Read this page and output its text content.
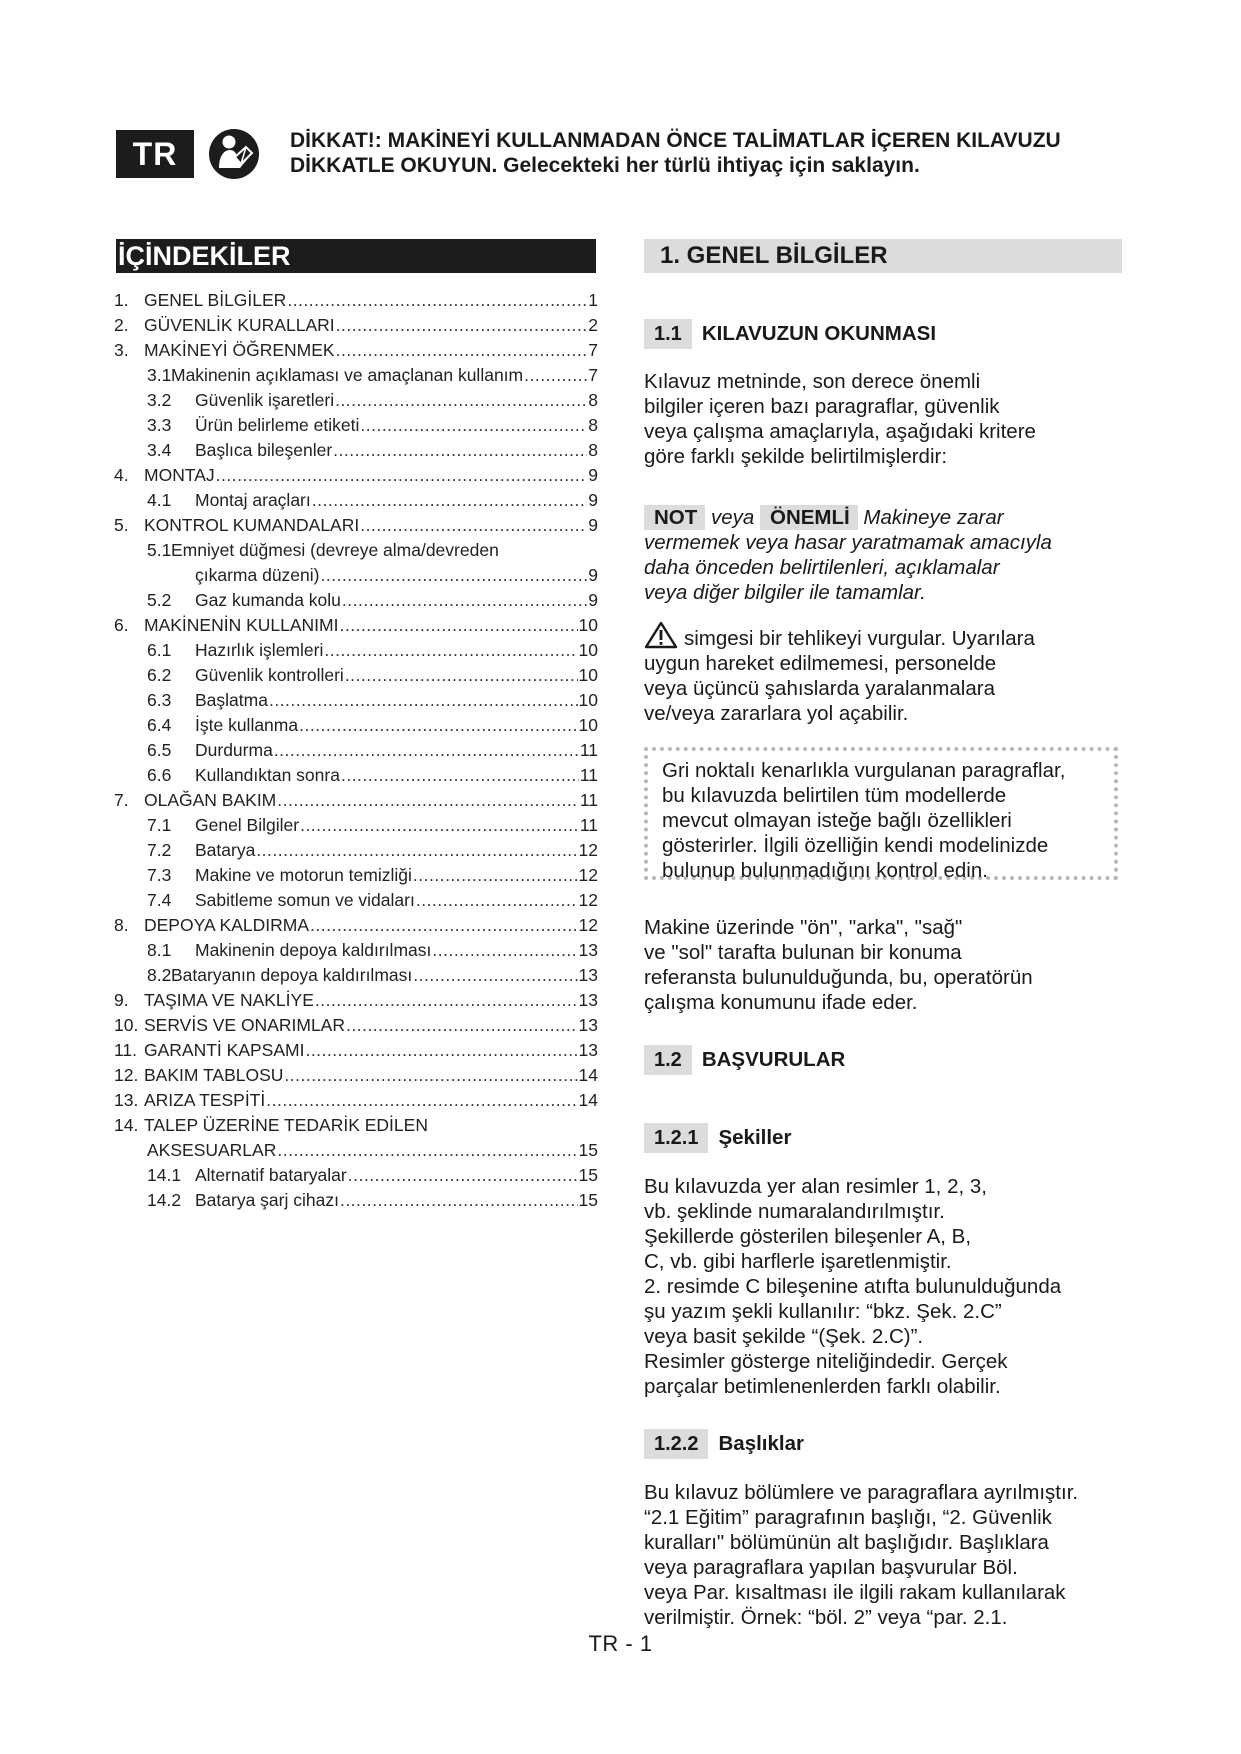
TR	DİKKAT!: MAKİNEYİ KULLANMADAN ÖNCE TALİMATLAR İÇEREN KILAVUZU
DİKKATLE OKUYUN. Gelecekteki her türlü ihtiyaç için saklayın.
İÇİNDEKİLER
1. GENEL BİLGİLER .....	1
2. GÜVENLİK KURALLARI .....	2
3. MAKİNEYİ ÖĞRENMEK .....	7
3.1 Makinenin açıklaması ve amaçlanan kullanım .....	7
3.2	Güvenlik işaretleri .....	8
3.3	Ürün belirleme etiketi .....	8
3.4	Başlıca bileşenler .....	8
4. MONTAJ .....	9
4.1	Montaj araçları .....	9
5. KONTROL KUMANDALARI .....	9
5.1 Emniyet düğmesi (devreye alma/devreden
çıkarma düzeni) .....	9
5.2	Gaz kumanda kolu .....	9
6. MAKİNENİN KULLANIMI .....	10
6.1	Hazırlık işlemleri .....	10
6.2	Güvenlik kontrolleri .....	10
6.3	Başlatma .....	10
6.4	İşte kullanma .....	10
6.5	Durdurma .....	11
6.6	Kullandıktan sonra .....	11
7. OLAĞAN BAKIM .....	11
7.1	Genel Bilgiler .....	11
7.2	Batarya .....	12
7.3	Makine ve motorun temizliği .....	12
7.4	Sabitleme somun ve vidaları .....	12
8. DEPOYA KALDIRMA .....	12
8.1	Makinenin depoya kaldırılması .....	13
8.2 Bataryanın depoya kaldırılması .....	13
9. TAŞIMA VE NAKLİYE .....	13
10. SERVİS VE ONARIMLAR .....	13
11. GARANTİ KAPSAMI .....	13
12. BAKIM TABLOSU .....	14
13. ARIZA TESPİTİ .....	14
14. TALEP ÜZERİNE TEDARİK EDİLEN
AKSESUARLAR .....	15
14.1 Alternatif bataryalar .....	15
14.2 Batarya şarj cihazı .....	15
1. GENEL BİLGİLER
1.1 KILAVUZUN OKUNMASI
Kılavuz metninde, son derece önemli
bilgiler içeren bazı paragraflar, güvenlik
veya çalışma amaçlarıyla, aşağıdaki kritere
göre farklı şekilde belirtilmişlerdir:
NOT veya ÖNEMLİ Makineye zarar
vermemek veya hasar yaratmamak amacıyla
daha önceden belirtilenleri, açıklamalar
veya diğer bilgiler ile tamamlar.
simgesi bir tehlikeyi vurgular. Uyarılara
uygun hareket edilmemesi, personelde
veya üçüncü şahıslarda yaralanmalara
ve/veya zararlara yol açabilir.
Gri noktalı kenarlıkla vurgulanan paragraflar,
bu kılavuzda belirtilen tüm modellerde
mevcut olmayan isteğe bağlı özellikleri
gösterirler. İlgili özelliğin kendi modelinizde
bulunup bulunmadığını kontrol edin.
Makine üzerinde "ön", "arka", "sağ"
ve "sol" tarafta bulunan bir konuma
referansta bulunulduğunda, bu, operatörün
çalışma konumunu ifade eder.
1.2 BAŞVURULAR
1.2.1 Şekiller
Bu kılavuzda yer alan resimler 1, 2, 3,
vb. şeklinde numaralandırılmıştır.
Şekillerde gösterilen bileşenler A, B,
C, vb. gibi harflerle işaretlenmiştir.
2. resimde C bileşenine atıfta bulunulduğunda
şu yazım şekli kullanılır: “bkz. Şek. 2.C”
veya basit şekilde “(Şek. 2.C)”.
Resimler gösterge niteliğindedir. Gerçek
parçalar betimlenenlerden farklı olabilir.
1.2.2 Başlıklar
Bu kılavuz bölümlere ve paragraflara ayrılmıştır.
“2.1 Eğitim” paragrafının başlığı, “2. Güvenlik
kuralları" bölümünün alt başlığıdır. Başlıklara
veya paragraflara yapılan başvurular Böl.
veya Par. kısaltması ile ilgili rakam kullanılarak
verilmiştir. Örnek: “böl. 2” veya “par. 2.1.
TR - 1
